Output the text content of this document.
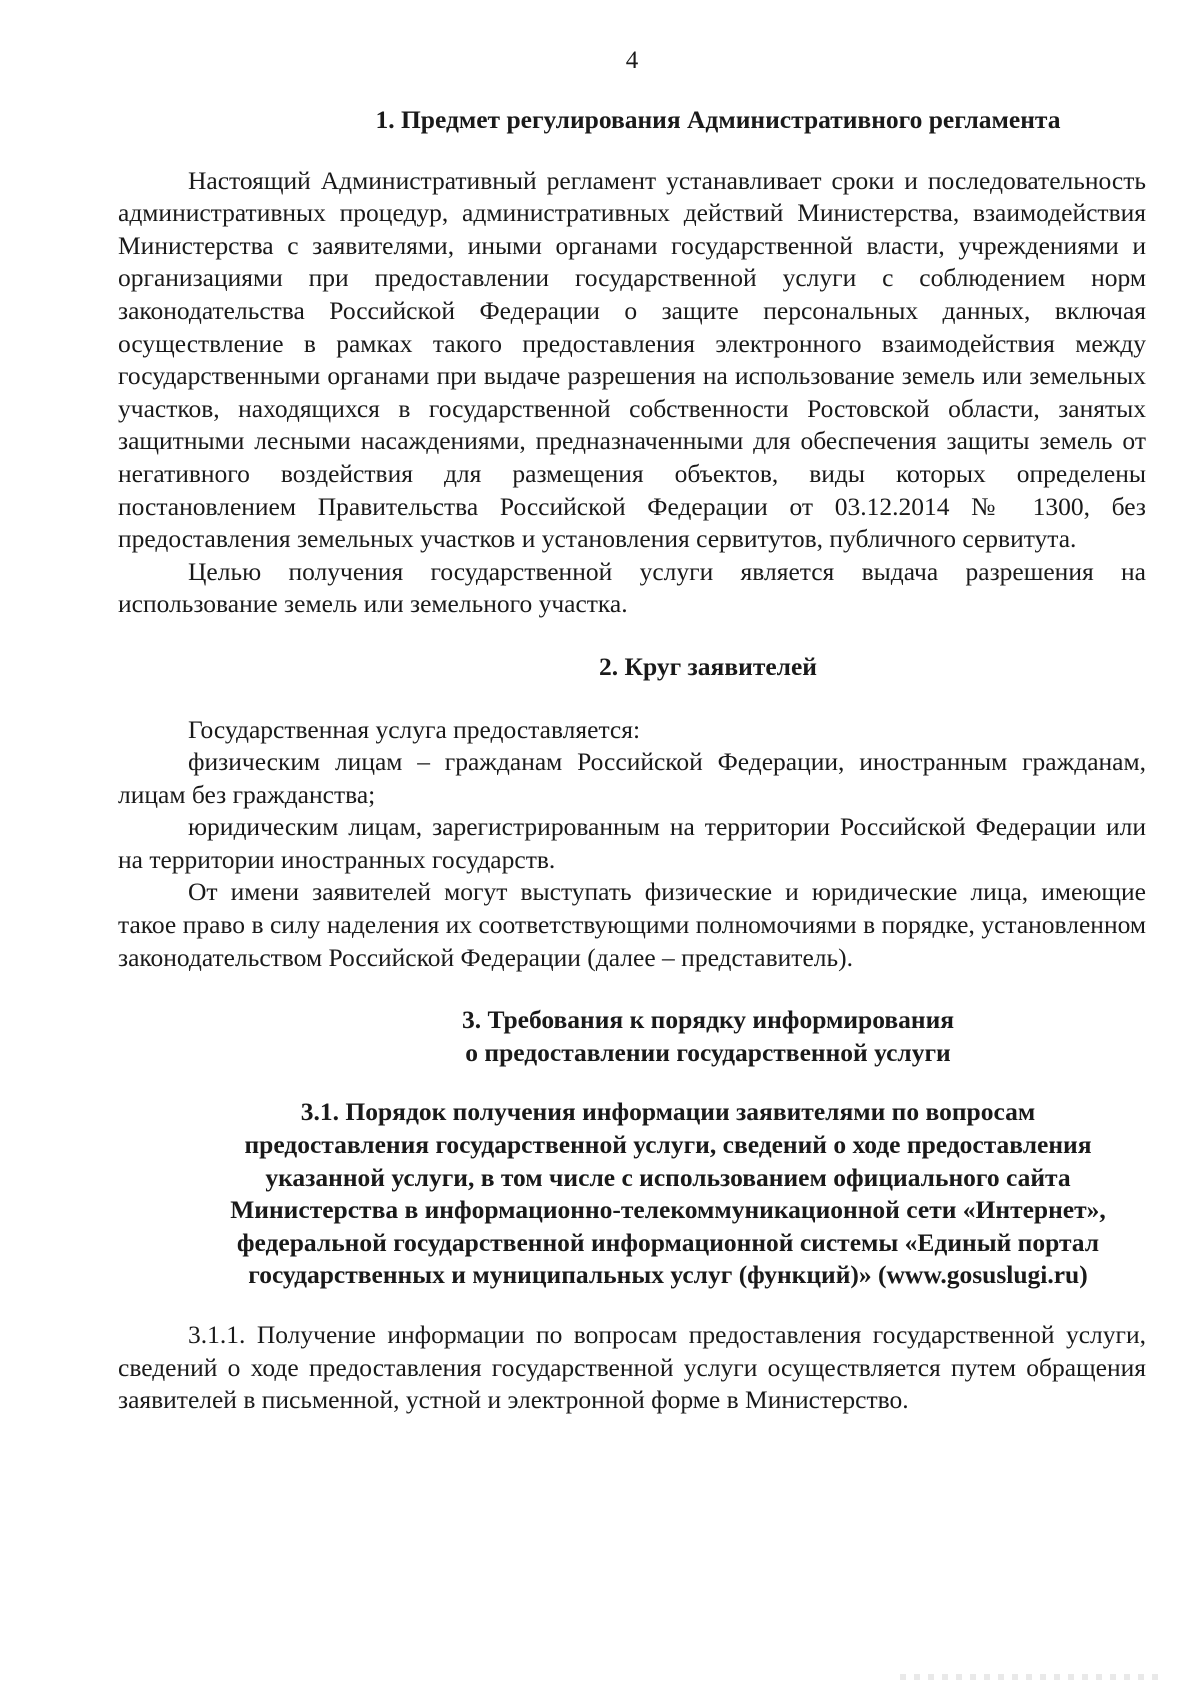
4

1. Предмет регулирования Административного регламента

Настоящий Административный регламент устанавливает сроки и последовательность административных процедур, административных действий Министерства, взаимодействия Министерства с заявителями, иными органами государственной власти, учреждениями и организациями при предоставлении государственной услуги с соблюдением норм законодательства Российской Федерации о защите персональных данных, включая осуществление в рамках такого предоставления электронного взаимодействия между государственными органами при выдаче разрешения на использование земель или земельных участков, находящихся в государственной собственности Ростовской области, занятых защитными лесными насаждениями, предназначенными для обеспечения защиты земель от негативного воздействия для размещения объектов, виды которых определены постановлением Правительства Российской Федерации от 03.12.2014 № 1300, без предоставления земельных участков и установления сервитутов, публичного сервитута.

Целью получения государственной услуги является выдача разрешения на использование земель или земельного участка.

2. Круг заявителей

Государственная услуга предоставляется:

физическим лицам – гражданам Российской Федерации, иностранным гражданам, лицам без гражданства;

юридическим лицам, зарегистрированным на территории Российской Федерации или на территории иностранных государств.

От имени заявителей могут выступать физические и юридические лица, имеющие такое право в силу наделения их соответствующими полномочиями в порядке, установленном законодательством Российской Федерации (далее – представитель).

3. Требования к порядку информирования
о предоставлении государственной услуги
3.1. Порядок получения информации заявителями по вопросам
предоставления государственной услуги, сведений о ходе предоставления
указанной услуги, в том числе с использованием официального сайта
Министерства в информационно-телекоммуникационной сети «Интернет»,
федеральной государственной информационной системы «Единый портал
государственных и муниципальных услуг (функций)» (www.gosuslugi.ru)

3.1.1. Получение информации по вопросам предоставления государственной услуги, сведений о ходе предоставления государственной услуги осуществляется путем обращения заявителей в письменной, устной и электронной форме в Министерство.
